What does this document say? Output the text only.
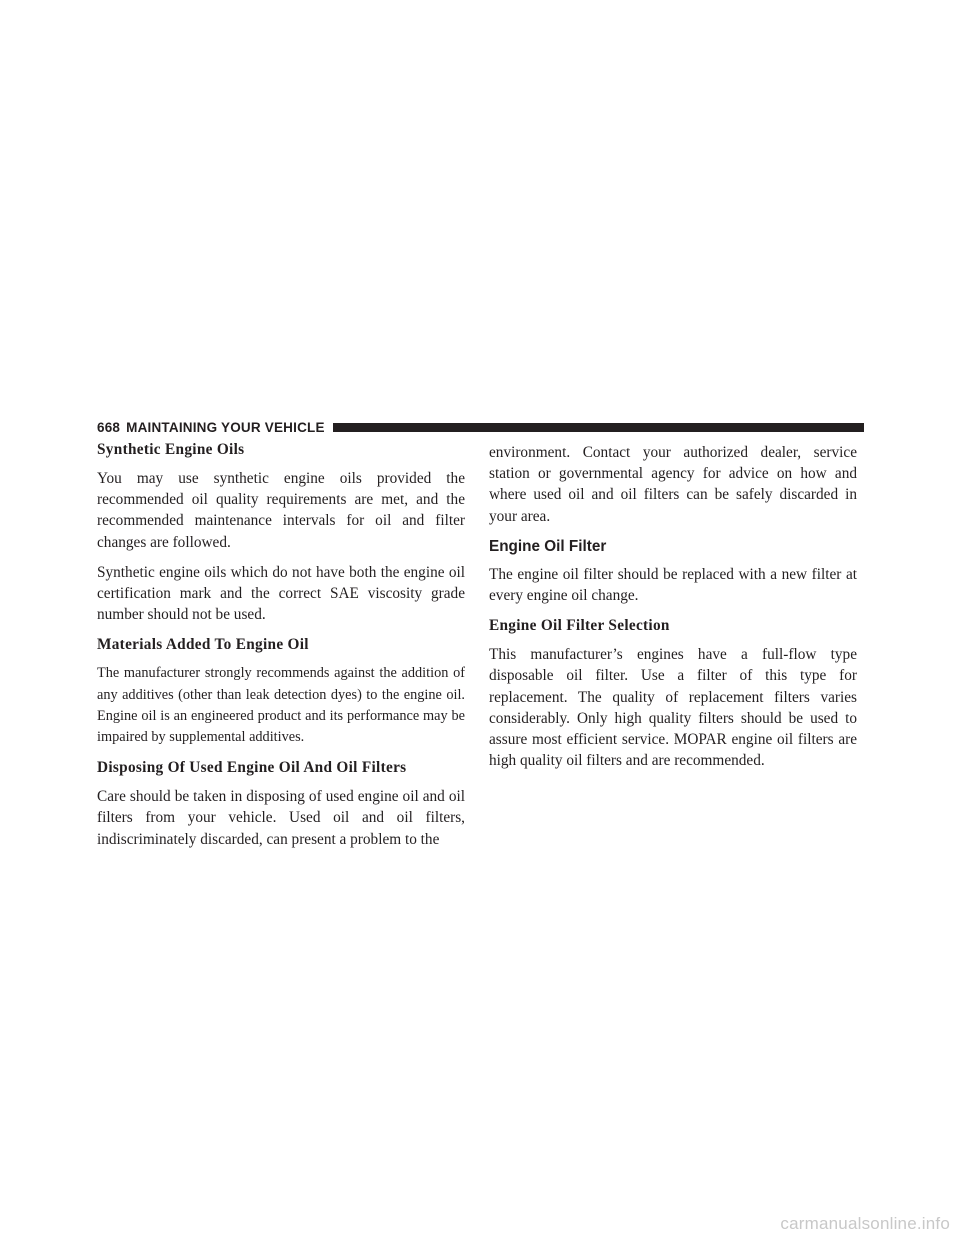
668 MAINTAINING YOUR VEHICLE
Synthetic Engine Oils

You may use synthetic engine oils provided the recommended oil quality requirements are met, and the recommended maintenance intervals for oil and filter changes are followed.

Synthetic engine oils which do not have both the engine oil certification mark and the correct SAE viscosity grade number should not be used.

Materials Added To Engine Oil

The manufacturer strongly recommends against the addition of any additives (other than leak detection dyes) to the engine oil. Engine oil is an engineered product and its performance may be impaired by supplemental additives.

Disposing Of Used Engine Oil And Oil Filters

Care should be taken in disposing of used engine oil and oil filters from your vehicle. Used oil and oil filters, indiscriminately discarded, can present a problem to the

environment. Contact your authorized dealer, service station or governmental agency for advice on how and where used oil and oil filters can be safely discarded in your area.

Engine Oil Filter

The engine oil filter should be replaced with a new filter at every engine oil change.

Engine Oil Filter Selection

This manufacturer’s engines have a full-flow type disposable oil filter. Use a filter of this type for replacement. The quality of replacement filters varies considerably. Only high quality filters should be used to assure most efficient service. MOPAR engine oil filters are high quality oil filters and are recommended.

carmanualsonline.info
